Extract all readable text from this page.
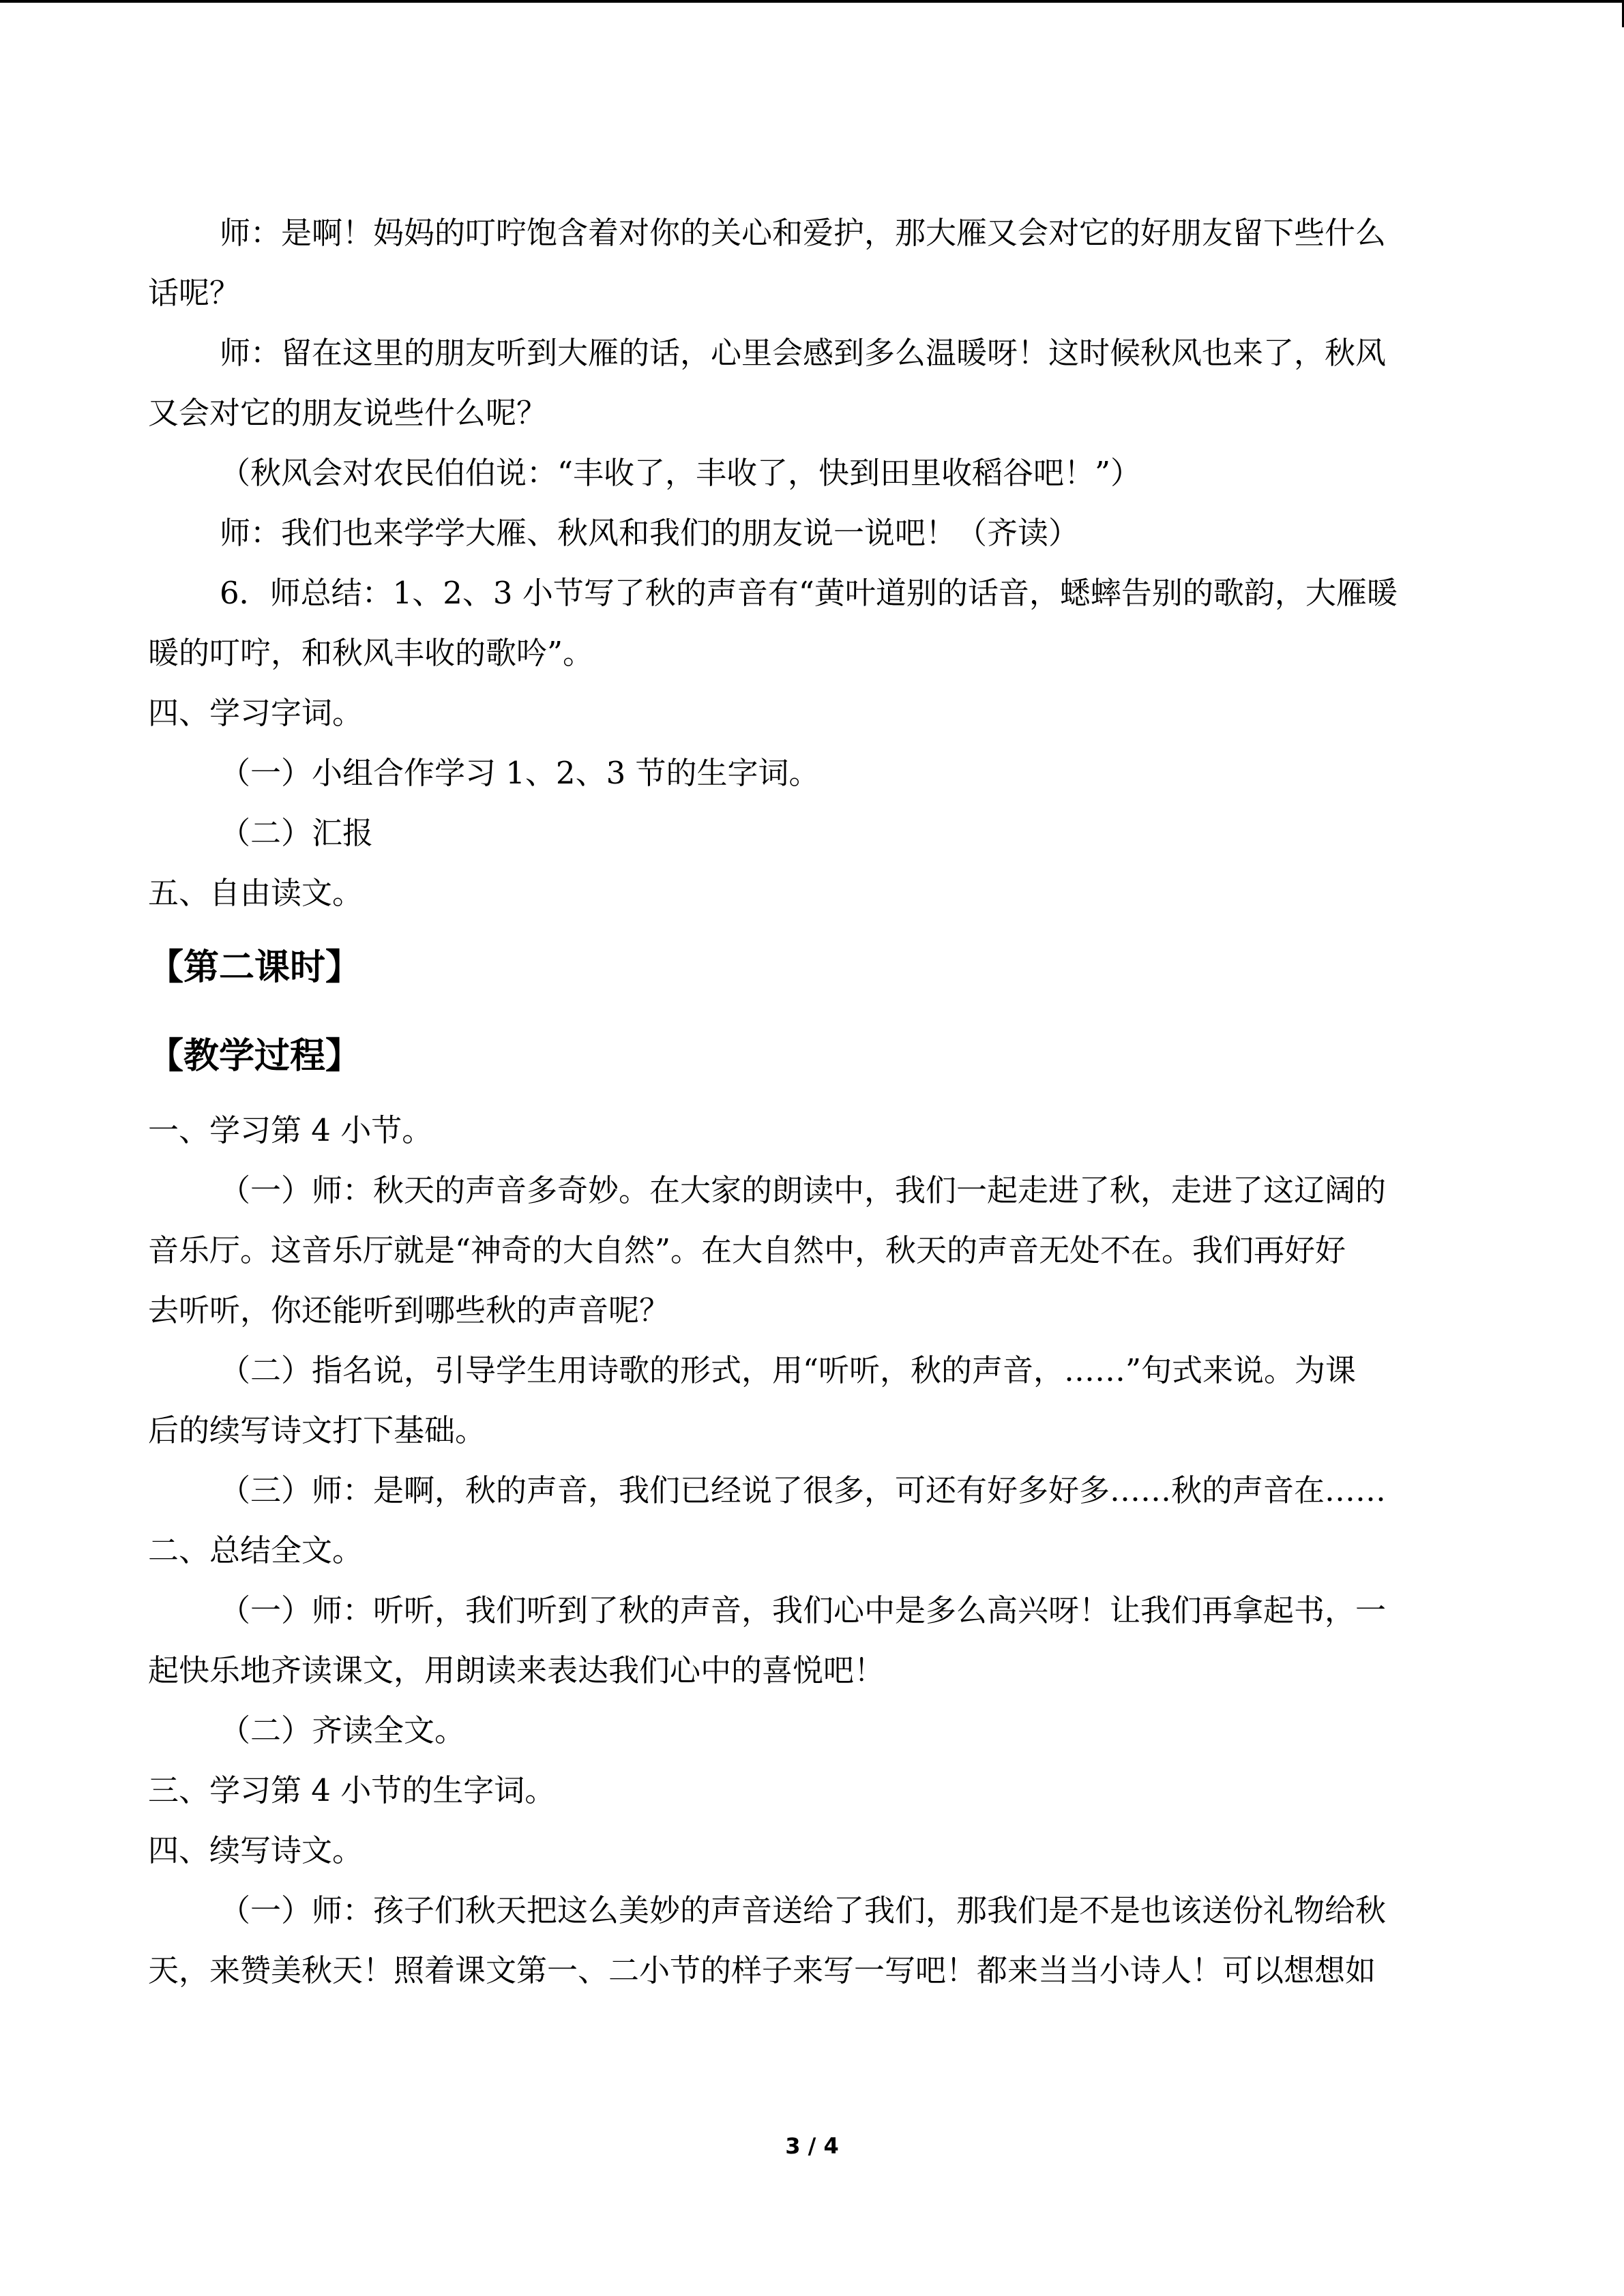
师：是啊！妈妈的叮咛饱含着对你的关心和爱护，那大雁又会对它的好朋友留下些什么
话呢？
师：留在这里的朋友听到大雁的话，心里会感到多么温暖呀！这时候秋风也来了，秋风
又会对它的朋友说些什么呢？
（秋风会对农民伯伯说：“丰收了，丰收了，快到田里收稻谷吧！”）
师：我们也来学学大雁、秋风和我们的朋友说一说吧！（齐读）
6．师总结：1、2、3 小节写了秋的声音有“黄叶道别的话音，蟋蟀告别的歌韵，大雁暖
暖的叮咛，和秋风丰收的歌吟”。
四、学习字词。
（一）小组合作学习 1、2、3 节的生字词。
（二）汇报
五、自由读文。
【第二课时】
【教学过程】
一、学习第 4 小节。
（一）师：秋天的声音多奇妙。在大家的朗读中，我们一起走进了秋，走进了这辽阔的
音乐厅。这音乐厅就是“神奇的大自然”。在大自然中，秋天的声音无处不在。我们再好好
去听听，你还能听到哪些秋的声音呢？
（二）指名说，引导学生用诗歌的形式，用“听听，秋的声音，……”句式来说。为课
后的续写诗文打下基础。
（三）师：是啊，秋的声音，我们已经说了很多，可还有好多好多……秋的声音在……
二、总结全文。
（一）师：听听，我们听到了秋的声音，我们心中是多么高兴呀！让我们再拿起书，一
起快乐地齐读课文，用朗读来表达我们心中的喜悦吧！
（二）齐读全文。
三、学习第 4 小节的生字词。
四、续写诗文。
（一）师：孩子们秋天把这么美妙的声音送给了我们，那我们是不是也该送份礼物给秋
天，来赞美秋天！照着课文第一、二小节的样子来写一写吧！都来当当小诗人！可以想想如
3 / 4
